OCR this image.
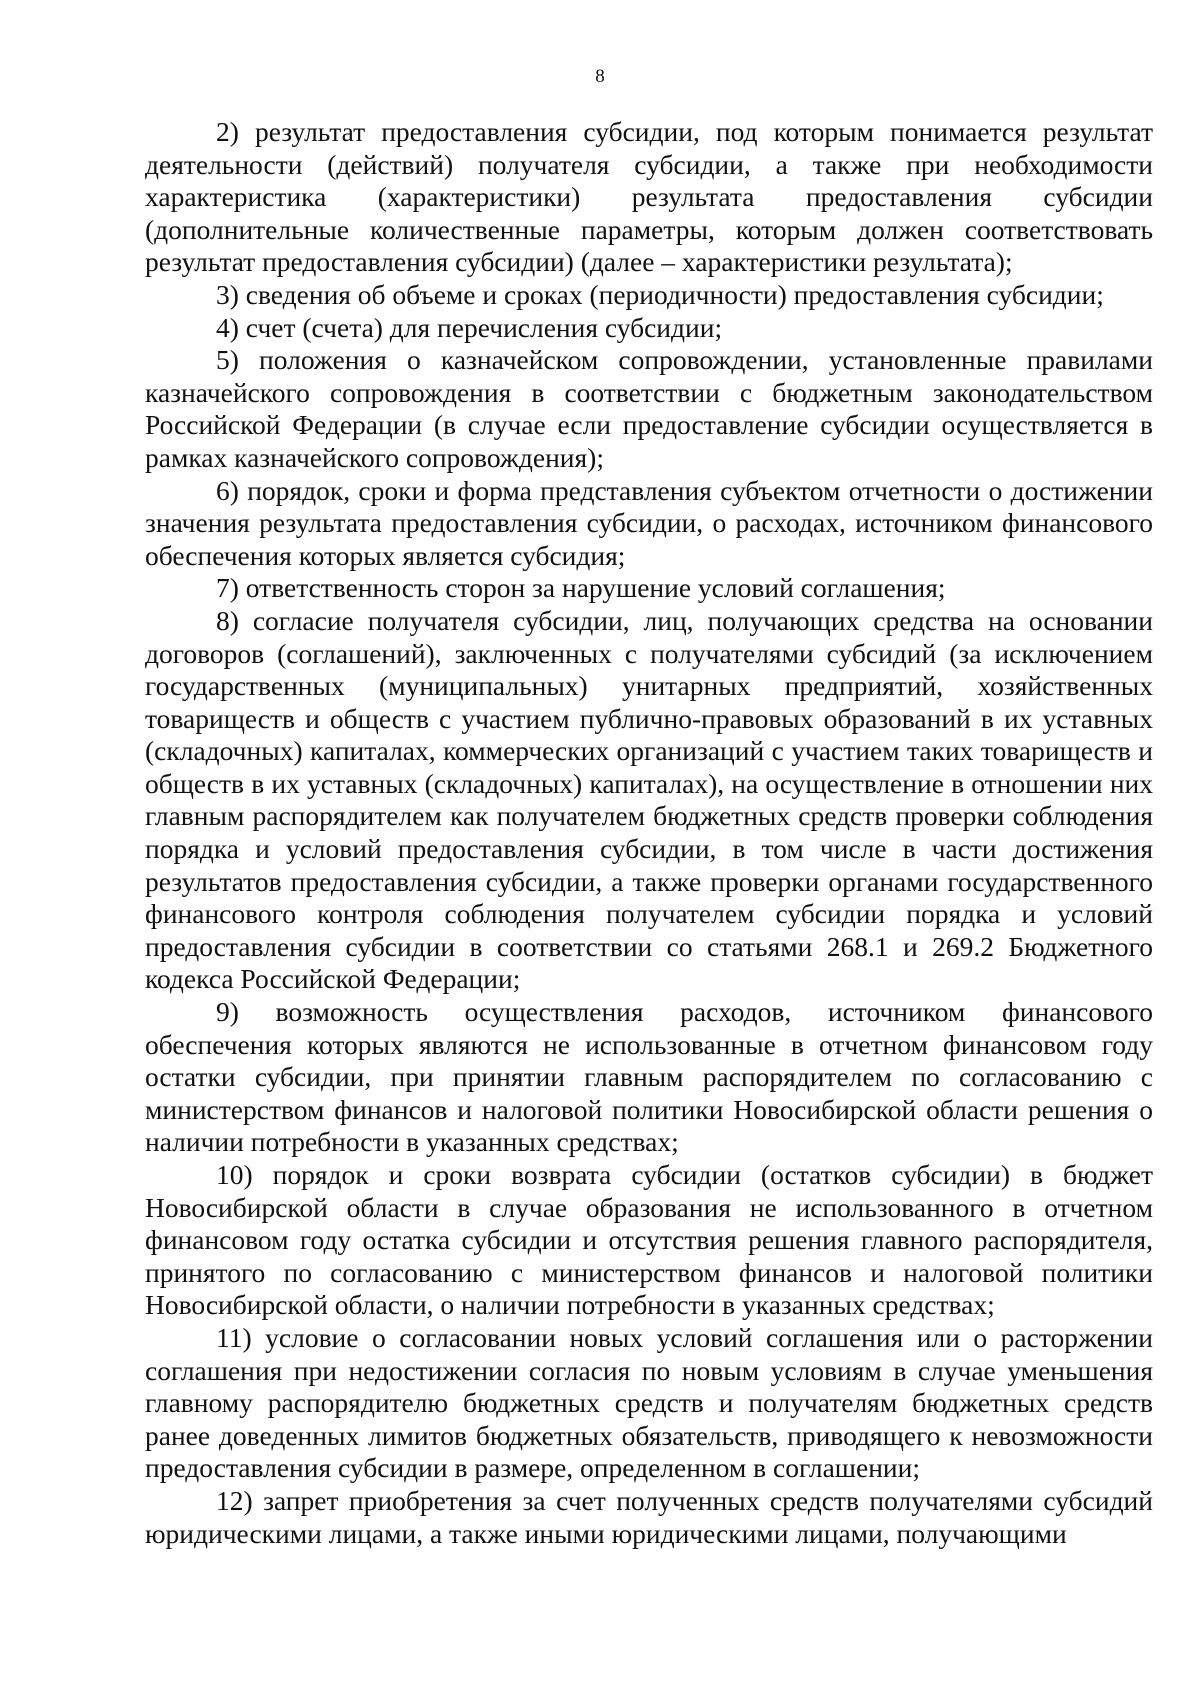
8

2) результат предоставления субсидии, под которым понимается результат деятельности (действий) получателя субсидии, а также при необходимости характеристика (характеристики) результата предоставления субсидии (дополнительные количественные параметры, которым должен соответствовать результат предоставления субсидии) (далее – характеристики результата);

3) сведения об объеме и сроках (периодичности) предоставления субсидии;

4) счет (счета) для перечисления субсидии;

5) положения о казначейском сопровождении, установленные правилами казначейского сопровождения в соответствии с бюджетным законодательством Российской Федерации (в случае если предоставление субсидии осуществляется в рамках казначейского сопровождения);

6) порядок, сроки и форма представления субъектом отчетности о достижении значения результата предоставления субсидии, о расходах, источником финансового обеспечения которых является субсидия;

7) ответственность сторон за нарушение условий соглашения;

8) согласие получателя субсидии, лиц, получающих средства на основании договоров (соглашений), заключенных с получателями субсидий (за исключением государственных (муниципальных) унитарных предприятий, хозяйственных товариществ и обществ с участием публично-правовых образований в их уставных (складочных) капиталах, коммерческих организаций с участием таких товариществ и обществ в их уставных (складочных) капиталах), на осуществление в отношении них главным распорядителем как получателем бюджетных средств проверки соблюдения порядка и условий предоставления субсидии, в том числе в части достижения результатов предоставления субсидии, а также проверки органами государственного финансового контроля соблюдения получателем субсидии порядка и условий предоставления субсидии в соответствии со статьями 268.1 и 269.2 Бюджетного кодекса Российской Федерации;

9) возможность осуществления расходов, источником финансового обеспечения которых являются не использованные в отчетном финансовом году остатки субсидии, при принятии главным распорядителем по согласованию с министерством финансов и налоговой политики Новосибирской области решения о наличии потребности в указанных средствах;

10) порядок и сроки возврата субсидии (остатков субсидии) в бюджет Новосибирской области в случае образования не использованного в отчетном финансовом году остатка субсидии и отсутствия решения главного распорядителя, принятого по согласованию с министерством финансов и налоговой политики Новосибирской области, о наличии потребности в указанных средствах;

11) условие о согласовании новых условий соглашения или о расторжении соглашения при недостижении согласия по новым условиям в случае уменьшения главному распорядителю бюджетных средств и получателям бюджетных средств ранее доведенных лимитов бюджетных обязательств, приводящего к невозможности предоставления субсидии в размере, определенном в соглашении;

12) запрет приобретения за счет полученных средств получателями субсидий юридическими лицами, а также иными юридическими лицами, получающими
